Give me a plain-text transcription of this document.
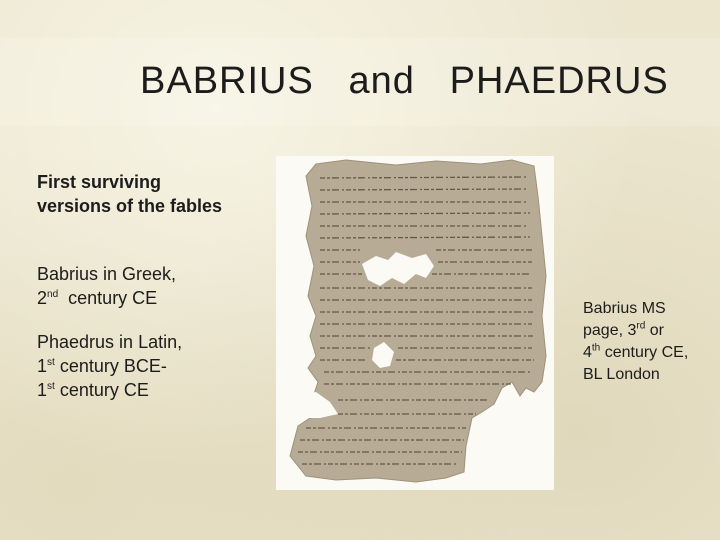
BABRIUS and PHAEDRUS
First surviving versions of the fables
Babrius in Greek,
2nd century CE
Phaedrus in Latin,
1st century BCE-
1st century CE
Babrius MS page, 3rd or
4th century CE, BL London
